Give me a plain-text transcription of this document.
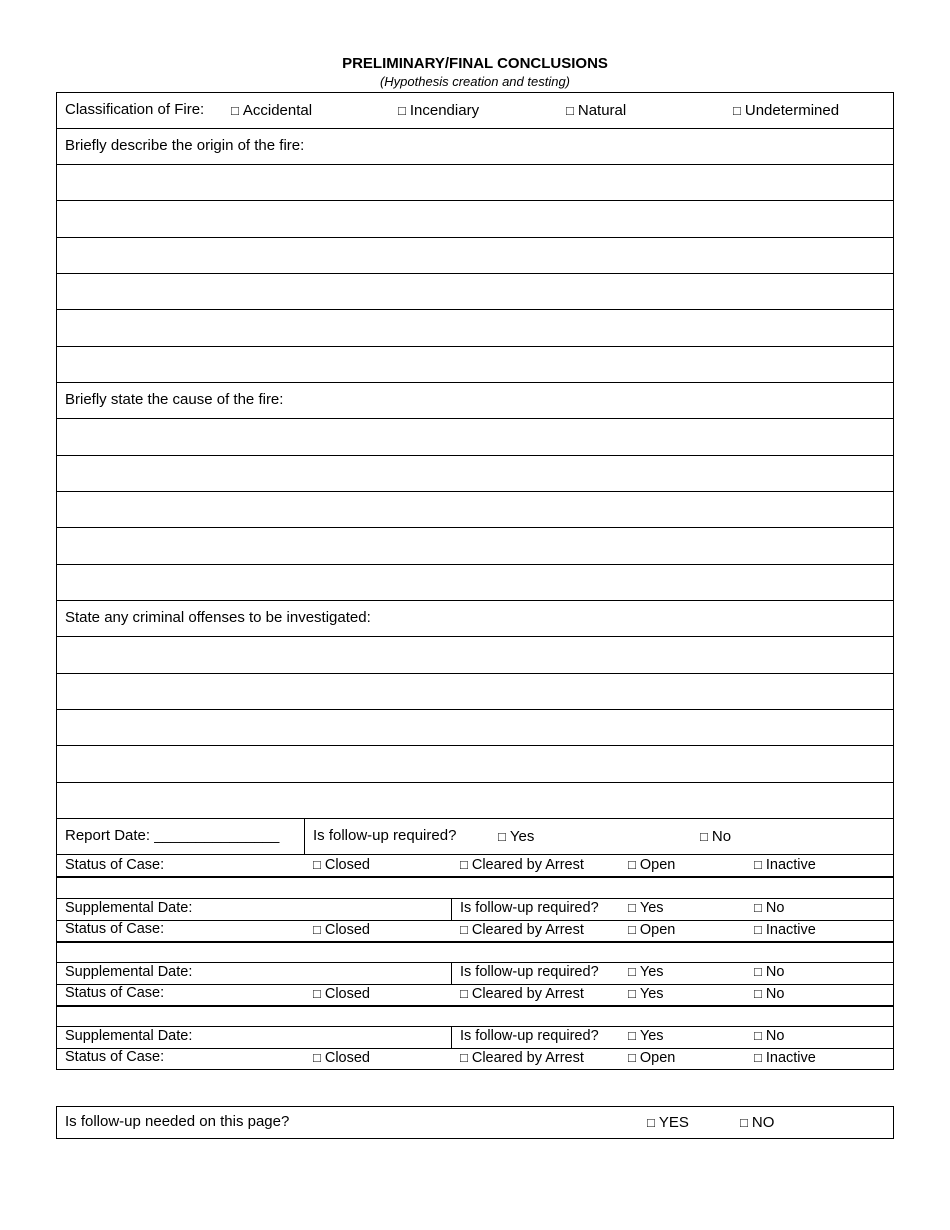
PRELIMINARY/FINAL CONCLUSIONS
(Hypothesis creation and testing)
Classification of Fire:	□ Accidental	□ Incendiary	□ Natural	□ Undetermined
Briefly describe the origin of the fire:
Briefly state the cause of the fire:
State any criminal offenses to be investigated:
Report Date: _______________ Is follow-up required?	□ Yes	□ No
Status of Case:	□ Closed	□ Cleared by Arrest	□ Open	□ Inactive
Supplemental Date:	Is follow-up required?	□ Yes	□ No
Status of Case:	□ Closed	□ Cleared by Arrest	□ Open	□ Inactive
Supplemental Date:	Is follow-up required?	□ Yes	□ No
Status of Case:	□ Closed	□ Cleared by Arrest	□ Yes	□ No
Supplemental Date:	Is follow-up required?	□ Yes	□ No
Status of Case:	□ Closed	□ Cleared by Arrest	□ Open	□ Inactive
Is follow-up needed on this page?	□ YES	□ NO
